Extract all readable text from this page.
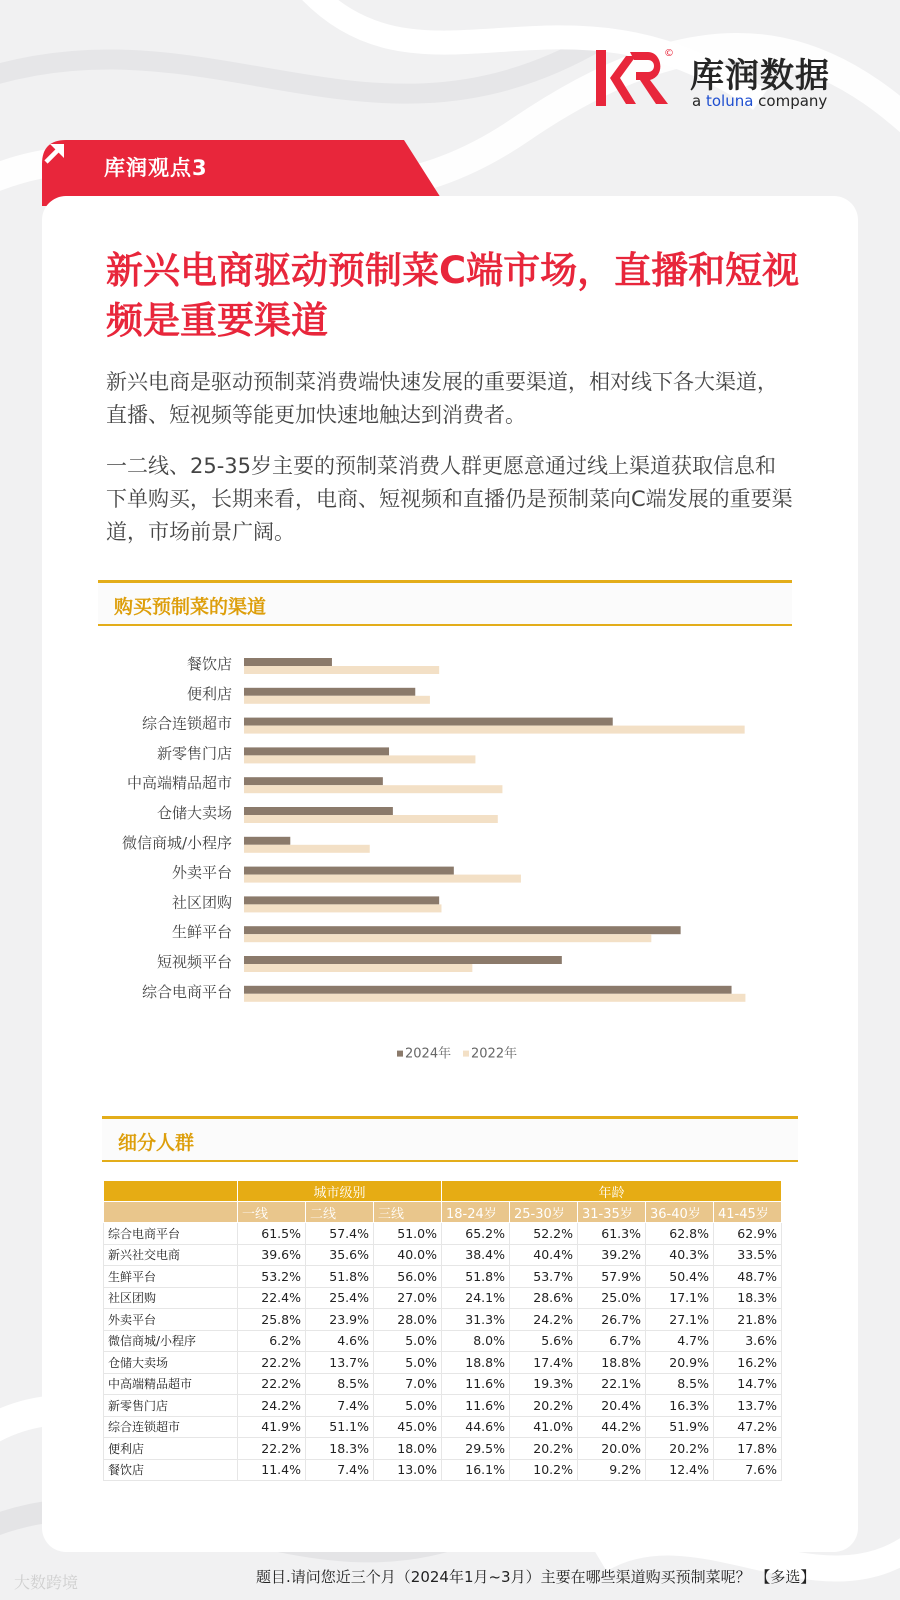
©
库润数据
a toluna company
库润观点3
新兴电商驱动预制菜C端市场，直播和短视频是重要渠道

新兴电商是驱动预制菜消费端快速发展的重要渠道，相对线下各大渠道，直播、短视频等能更加快速地触达到消费者。

一二线、25-35岁主要的预制菜消费人群更愿意通过线上渠道获取信息和下单购买，长期来看，电商、短视频和直播仍是预制菜向C端发展的重要渠道，市场前景广阔。

购买预制菜的渠道
细分人群
餐饮店
便利店
综合连锁超市
新零售门店
中高端精品超市
仓储大卖场
微信商城/小程序
外卖平台
社区团购
生鲜平台
短视频平台
综合电商平台
2024年 2022年
	城市级别			年龄				
	一线	二线	三线	18-24岁	25-30岁	31-35岁	36-40岁	41-45岁
综合电商平台	61.5%	57.4%	51.0%	65.2%	52.2%	61.3%	62.8%	62.9%
新兴社交电商	39.6%	35.6%	40.0%	38.4%	40.4%	39.2%	40.3%	33.5%
生鲜平台	53.2%	51.8%	56.0%	51.8%	53.7%	57.9%	50.4%	48.7%
社区团购	22.4%	25.4%	27.0%	24.1%	28.6%	25.0%	17.1%	18.3%
外卖平台	25.8%	23.9%	28.0%	31.3%	24.2%	26.7%	27.1%	21.8%
微信商城/小程序	6.2%	4.6%	5.0%	8.0%	5.6%	6.7%	4.7%	3.6%
仓储大卖场	22.2%	13.7%	5.0%	18.8%	17.4%	18.8%	20.9%	16.2%
中高端精品超市	22.2%	8.5%	7.0%	11.6%	19.3%	22.1%	8.5%	14.7%
新零售门店	24.2%	7.4%	5.0%	11.6%	20.2%	20.4%	16.3%	13.7%
综合连锁超市	41.9%	51.1%	45.0%	44.6%	41.0%	44.2%	51.9%	47.2%
便利店	22.2%	18.3%	18.0%	29.5%	20.2%	20.0%	20.2%	17.8%
餐饮店	11.4%	7.4%	13.0%	16.1%	10.2%	9.2%	12.4%	7.6%
题目.请问您近三个月（2024年1月~3月）主要在哪些渠道购买预制菜呢？ 【多选】
大数跨境
